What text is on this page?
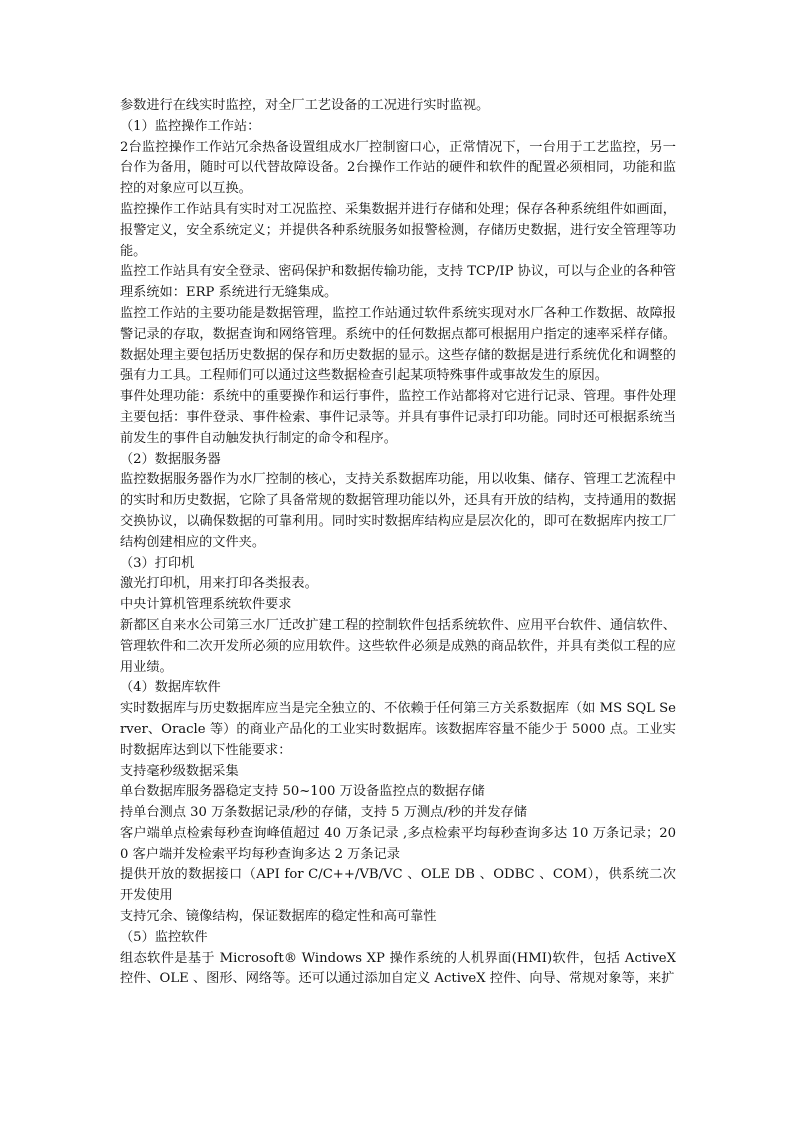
参数进行在线实时监控，对全厂工艺设备的工况进行实时监视。

（1）监控操作工作站：

2台监控操作工作站冗余热备设置组成水厂控制窗口心，正常情况下，一台用于工艺监控，另一台作为备用，随时可以代替故障设备。2台操作工作站的硬件和软件的配置必须相同，功能和监控的对象应可以互换。

监控操作工作站具有实时对工况监控、采集数据并进行存储和处理；保存各种系统组件如画面，报警定义，安全系统定义；并提供各种系统服务如报警检测，存储历史数据，进行安全管理等功能。

监控工作站具有安全登录、密码保护和数据传输功能，支持 TCP/IP 协议，可以与企业的各种管理系统如：ERP 系统进行无缝集成。

监控工作站的主要功能是数据管理，监控工作站通过软件系统实现对水厂各种工作数据、故障报警记录的存取，数据查询和网络管理。系统中的任何数据点都可根据用户指定的速率采样存储。数据处理主要包括历史数据的保存和历史数据的显示。这些存储的数据是进行系统优化和调整的强有力工具。工程师们可以通过这些数据检查引起某项特殊事件或事故发生的原因。

事件处理功能：系统中的重要操作和运行事件，监控工作站都将对它进行记录、管理。事件处理主要包括：事件登录、事件检索、事件记录等。并具有事件记录打印功能。同时还可根据系统当前发生的事件自动触发执行制定的命令和程序。

（2）数据服务器

监控数据服务器作为水厂控制的核心，支持关系数据库功能，用以收集、储存、管理工艺流程中的实时和历史数据，它除了具备常规的数据管理功能以外，还具有开放的结构，支持通用的数据交换协议，以确保数据的可靠利用。同时实时数据库结构应是层次化的，即可在数据库内按工厂结构创建相应的文件夹。

（3）打印机

激光打印机，用来打印各类报表。

中央计算机管理系统软件要求

新都区自来水公司第三水厂迁改扩建工程的控制软件包括系统软件、应用平台软件、通信软件、管理软件和二次开发所必须的应用软件。这些软件必须是成熟的商品软件，并具有类似工程的应用业绩。

（4）数据库软件

实时数据库与历史数据库应当是完全独立的、不依赖于任何第三方关系数据库（如 MS SQL Server、Oracle 等）的商业产品化的工业实时数据库。该数据库容量不能少于 5000 点。工业实时数据库达到以下性能要求：

支持毫秒级数据采集

单台数据库服务器稳定支持 50~100 万设备监控点的数据存储

持单台测点 30 万条数据记录/秒的存储，支持 5 万测点/秒的并发存储

客户端单点检索每秒查询峰值超过 40 万条记录 ,多点检索平均每秒查询多达 10 万条记录；200 客户端并发检索平均每秒查询多达 2 万条记录

提供开放的数据接口（API for C/C++/VB/VC 、OLE DB 、ODBC 、COM），供系统二次开发使用

支持冗余、镜像结构，保证数据库的稳定性和高可靠性

（5）监控软件

组态软件是基于 Microsoft® Windows XP 操作系统的人机界面(HMI)软件，包括 ActiveX 控件、OLE 、图形、网络等。还可以通过添加自定义 ActiveX 控件、向导、常规对象等，来扩
